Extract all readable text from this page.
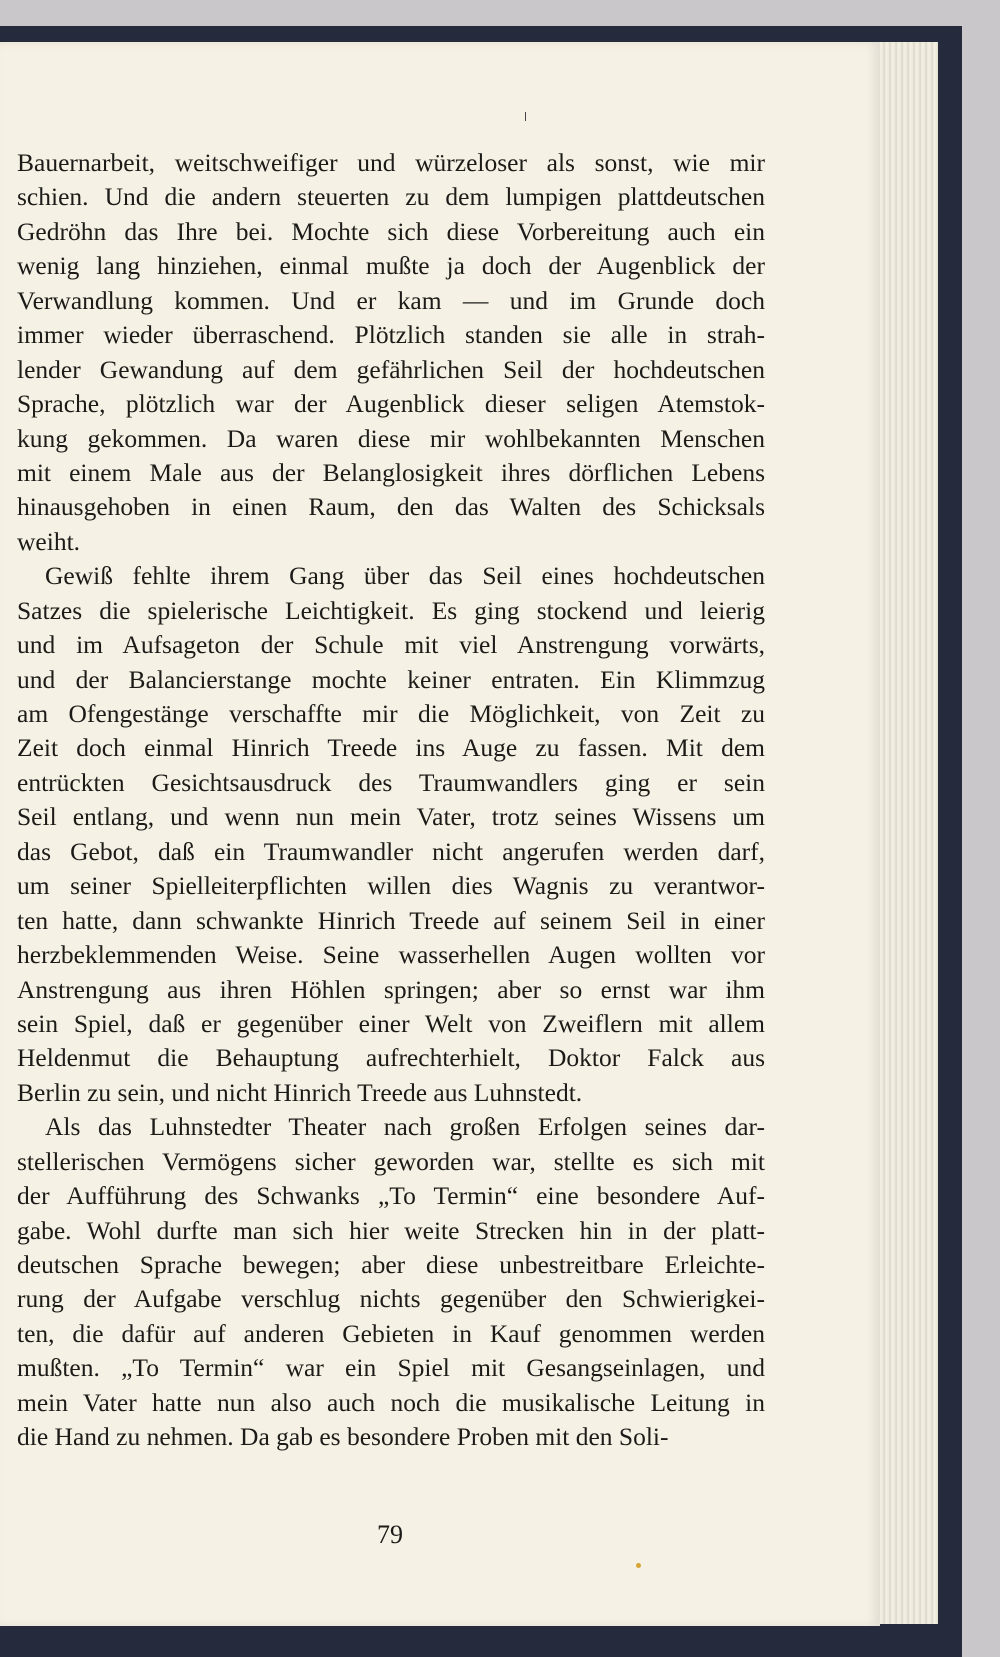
Bauernarbeit, weitschweifiger und würzeloser als sonst, wie mir
schien. Und die andern steuerten zu dem lumpigen plattdeutschen
Gedröhn das Ihre bei. Mochte sich diese Vorbereitung auch ein
wenig lang hinziehen, einmal mußte ja doch der Augenblick der
Verwandlung kommen. Und er kam — und im Grunde doch
immer wieder überraschend. Plötzlich standen sie alle in strah-
lender Gewandung auf dem gefährlichen Seil der hochdeutschen
Sprache, plötzlich war der Augenblick dieser seligen Atemstok-
kung gekommen. Da waren diese mir wohlbekannten Menschen
mit einem Male aus der Belanglosigkeit ihres dörflichen Lebens
hinausgehoben in einen Raum, den das Walten des Schicksals
weiht.
Gewiß fehlte ihrem Gang über das Seil eines hochdeutschen
Satzes die spielerische Leichtigkeit. Es ging stockend und leierig
und im Aufsageton der Schule mit viel Anstrengung vorwärts,
und der Balancierstange mochte keiner entraten. Ein Klimmzug
am Ofengestänge verschaffte mir die Möglichkeit, von Zeit zu
Zeit doch einmal Hinrich Treede ins Auge zu fassen. Mit dem
entrückten Gesichtsausdruck des Traumwandlers ging er sein
Seil entlang, und wenn nun mein Vater, trotz seines Wissens um
das Gebot, daß ein Traumwandler nicht angerufen werden darf,
um seiner Spielleiterpflichten willen dies Wagnis zu verantwor-
ten hatte, dann schwankte Hinrich Treede auf seinem Seil in einer
herzbeklemmenden Weise. Seine wasserhellen Augen wollten vor
Anstrengung aus ihren Höhlen springen; aber so ernst war ihm
sein Spiel, daß er gegenüber einer Welt von Zweiflern mit allem
Heldenmut die Behauptung aufrechterhielt, Doktor Falck aus
Berlin zu sein, und nicht Hinrich Treede aus Luhnstedt.
Als das Luhnstedter Theater nach großen Erfolgen seines dar-
stellerischen Vermögens sicher geworden war, stellte es sich mit
der Aufführung des Schwanks „To Termin“ eine besondere Auf-
gabe. Wohl durfte man sich hier weite Strecken hin in der platt-
deutschen Sprache bewegen; aber diese unbestreitbare Erleichte-
rung der Aufgabe verschlug nichts gegenüber den Schwierigkei-
ten, die dafür auf anderen Gebieten in Kauf genommen werden
mußten. „To Termin“ war ein Spiel mit Gesangseinlagen, und
mein Vater hatte nun also auch noch die musikalische Leitung in
die Hand zu nehmen. Da gab es besondere Proben mit den Soli-
79
